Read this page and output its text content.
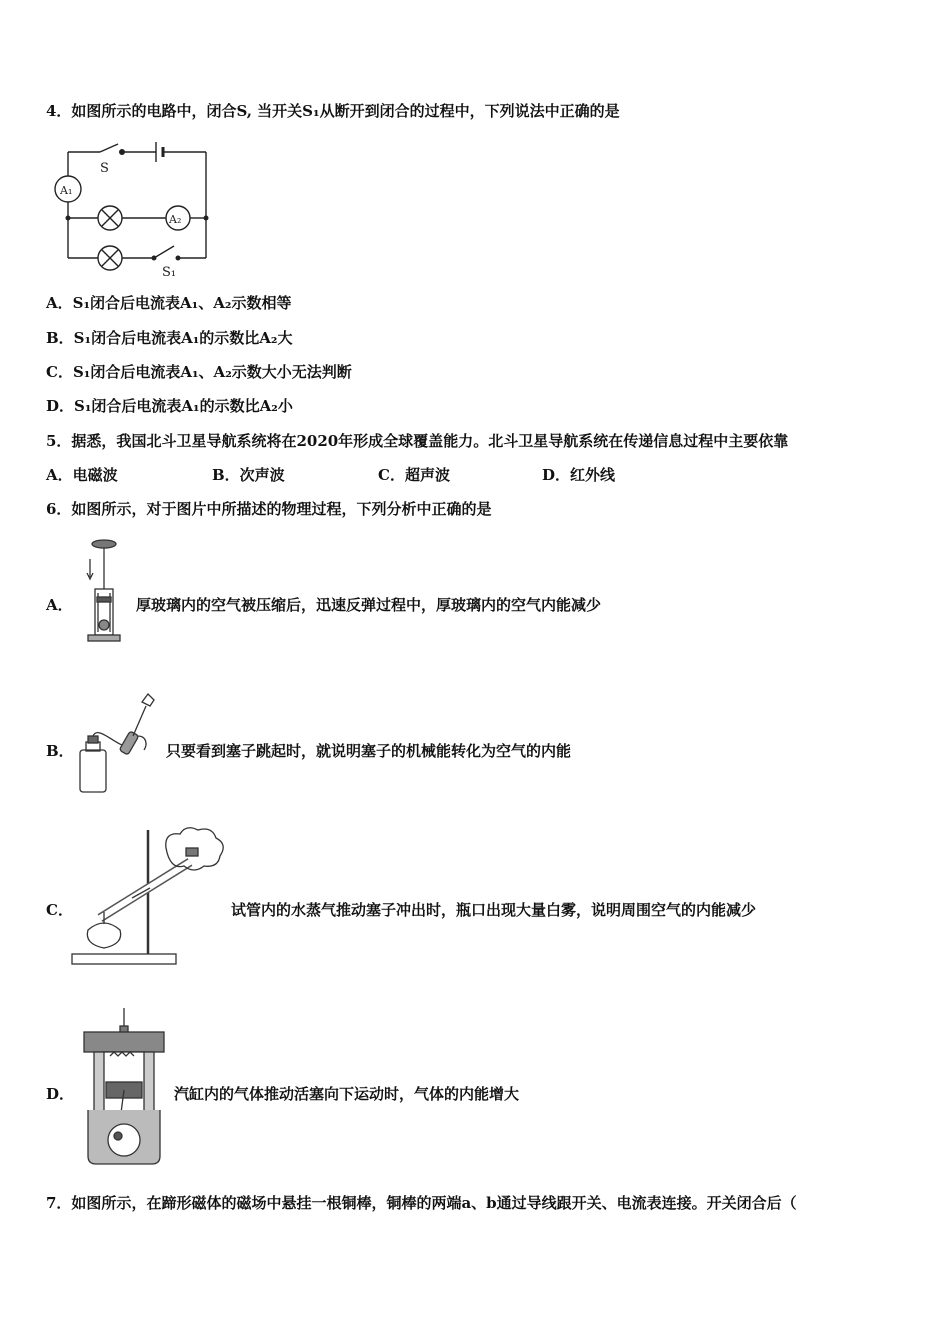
4．如图所示的电路中，闭合S, 当开关S₁从断开到闭合的过程中，下列说法中正确的是
S
A₁
A₂
S₁
A．S₁闭合后电流表A₁、A₂示数相等
B．S₁闭合后电流表A₁的示数比A₂大
C．S₁闭合后电流表A₁、A₂示数大小无法判断
D．S₁闭合后电流表A₁的示数比A₂小
5．据悉，我国北斗卫星导航系统将在2020年形成全球覆盖能力。北斗卫星导航系统在传递信息过程中主要依靠
A．电磁波	B．次声波	C．超声波	D．红外线
6．如图所示，对于图片中所描述的物理过程，下列分析中正确的是
A．	厚玻璃内的空气被压缩后，迅速反弹过程中，厚玻璃内的空气内能减少
B．	只要看到塞子跳起时，就说明塞子的机械能转化为空气的内能
C．	试管内的水蒸气推动塞子冲出时，瓶口出现大量白雾，说明周围空气的内能减少
D．	汽缸内的气体推动活塞向下运动时，气体的内能增大
7．如图所示，在蹄形磁体的磁场中悬挂一根铜棒，铜棒的两端a、b通过导线跟开关、电流表连接。开关闭合后（
